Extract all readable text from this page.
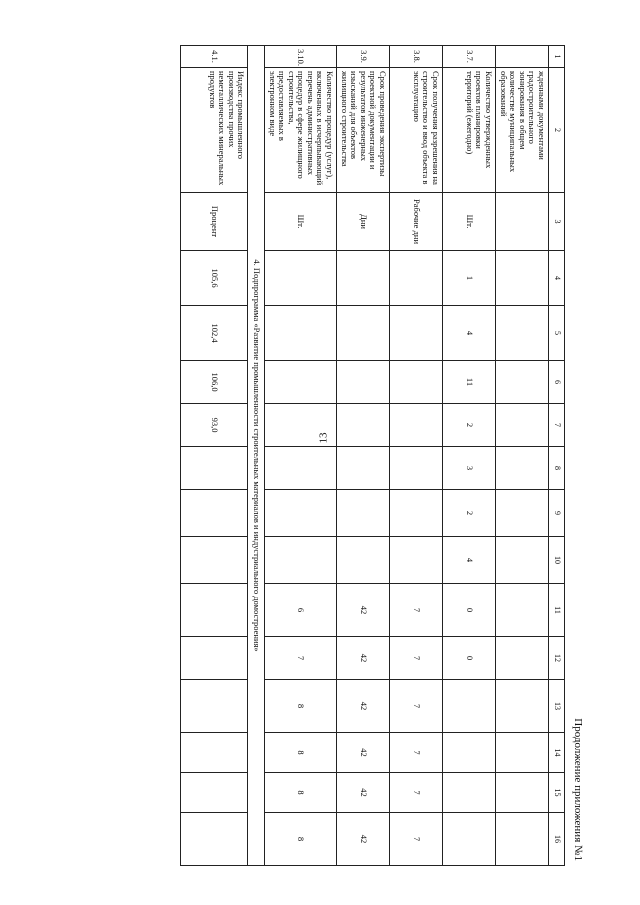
13
Продолжение приложения №1
1	2	3	4	5	6	7	8	9	10	11	12	13	14	15	16
	жденными документами градостроительного зонирования в общем количестве муниципальных образований														
3.7.	Количество утвержденных проектов планировки территорий (ежегодно)	Шт.	1	4	11	2	3	2	4	0	0				
3.8.	Срок получения разрешения на строительство и ввод объекта в эксплуатацию	Рабочие дни								7	7	7	7	7	7
3.9.	Срок проведения экспертизы проектной документации и результатов инженерных изысканий для объектов жилищного строительства	Дни								42	42	42	42	42	42
3.10.	Количество процедур (услуг), включенных в исчерпывающий перечень административных процедур в сфере жилищного строительства, предоставляемых в электронном виде	Шт.								6	7	8	8	8	8
4. Подпрограмма «Развитие промышленности строительных материалов и индустриального домостроения»															
4.1.	Индекс промышленного производства прочих неметаллических минеральных продуктов	Процент	105,6	102,4	106,0	93,0									
